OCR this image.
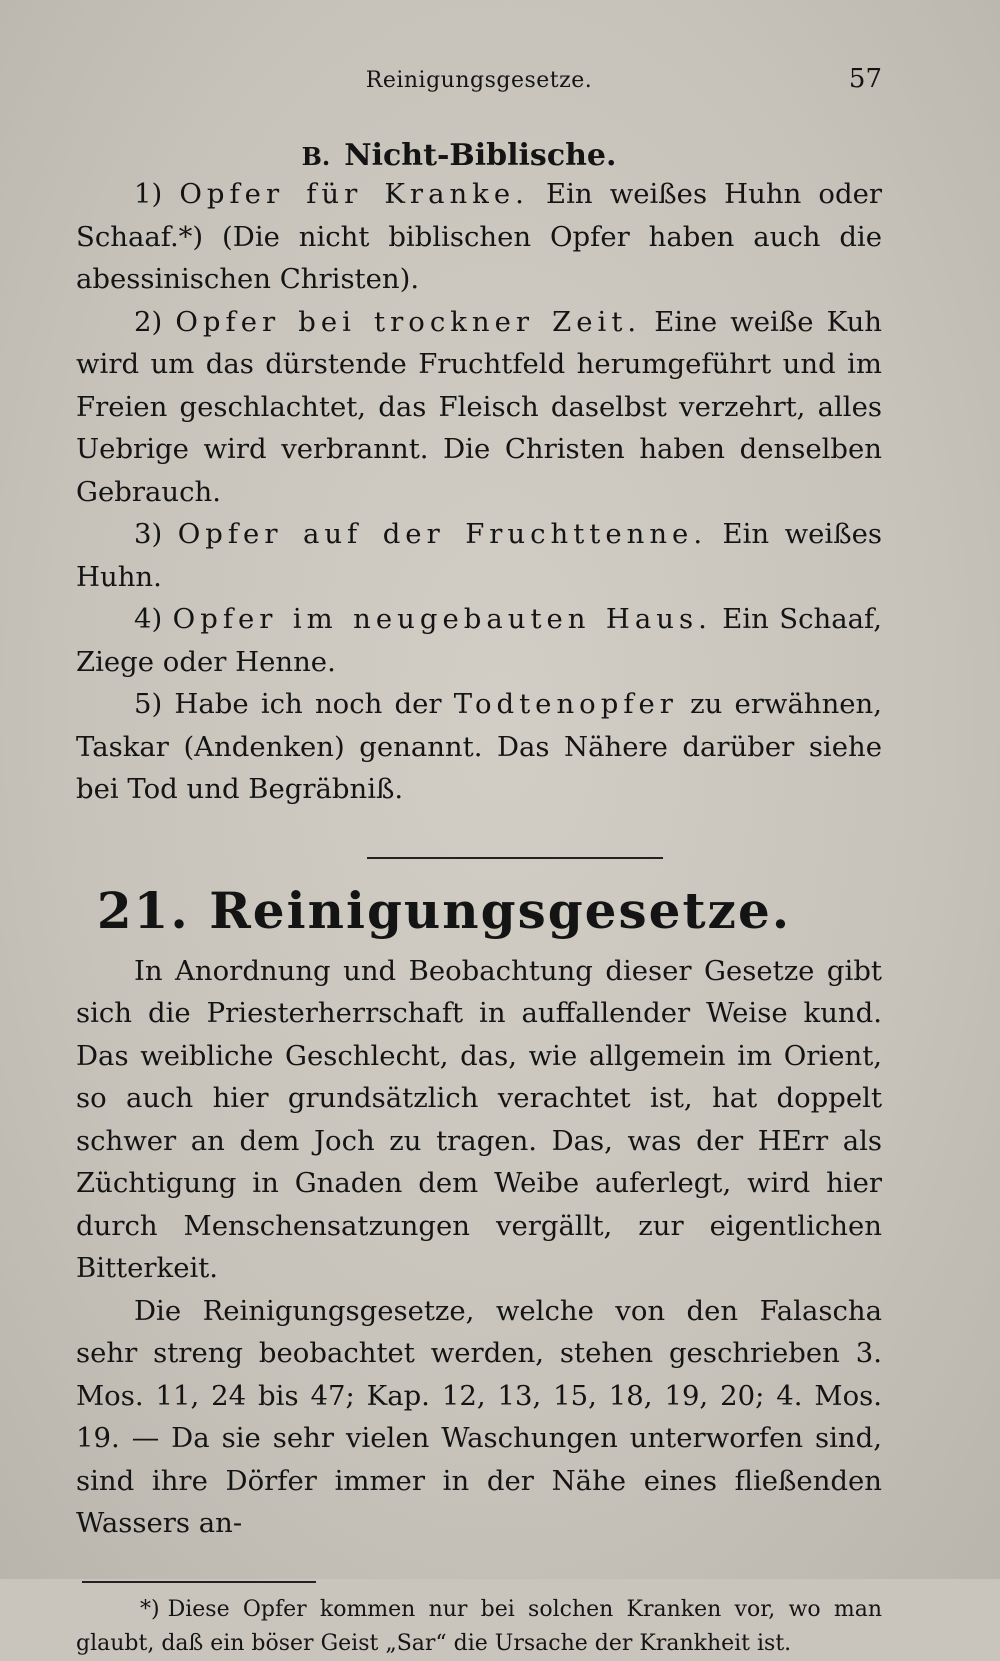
Reinigungsgesetze.	57
B. Nicht-Biblische.

1) Opfer für Kranke. Ein weißes Huhn oder Schaaf.*) (Die nicht biblischen Opfer haben auch die abessinischen Christen).

2) Opfer bei trockner Zeit. Eine weiße Kuh wird um das dürstende Fruchtfeld herumgeführt und im Freien geschlachtet, das Fleisch daselbst verzehrt, alles Uebrige wird verbrannt. Die Christen haben denselben Gebrauch.

3) Opfer auf der Fruchttenne. Ein weißes Huhn.

4) Opfer im neugebauten Haus. Ein Schaaf, Ziege oder Henne.

5) Habe ich noch der Todtenopfer zu erwähnen, Taskar (Andenken) genannt. Das Nähere darüber siehe bei Tod und Begräbniß.

21. Reinigungsgesetze.

In Anordnung und Beobachtung dieser Gesetze gibt sich die Priesterherrschaft in auffallender Weise kund. Das weibliche Geschlecht, das, wie allgemein im Orient, so auch hier grundsätzlich verachtet ist, hat doppelt schwer an dem Joch zu tragen. Das, was der HErr als Züchtigung in Gnaden dem Weibe auferlegt, wird hier durch Menschensatzungen vergällt, zur eigentlichen Bitterkeit.

Die Reinigungsgesetze, welche von den Falascha sehr streng beobachtet werden, stehen geschrieben 3. Mos. 11, 24 bis 47; Kap. 12, 13, 15, 18, 19, 20; 4. Mos. 19. — Da sie sehr vielen Waschungen unterworfen sind, sind ihre Dörfer immer in der Nähe eines fließenden Wassers an-

*) Diese Opfer kommen nur bei solchen Kranken vor, wo man glaubt, daß ein böser Geist „Sar“ die Ursache der Krankheit ist.
